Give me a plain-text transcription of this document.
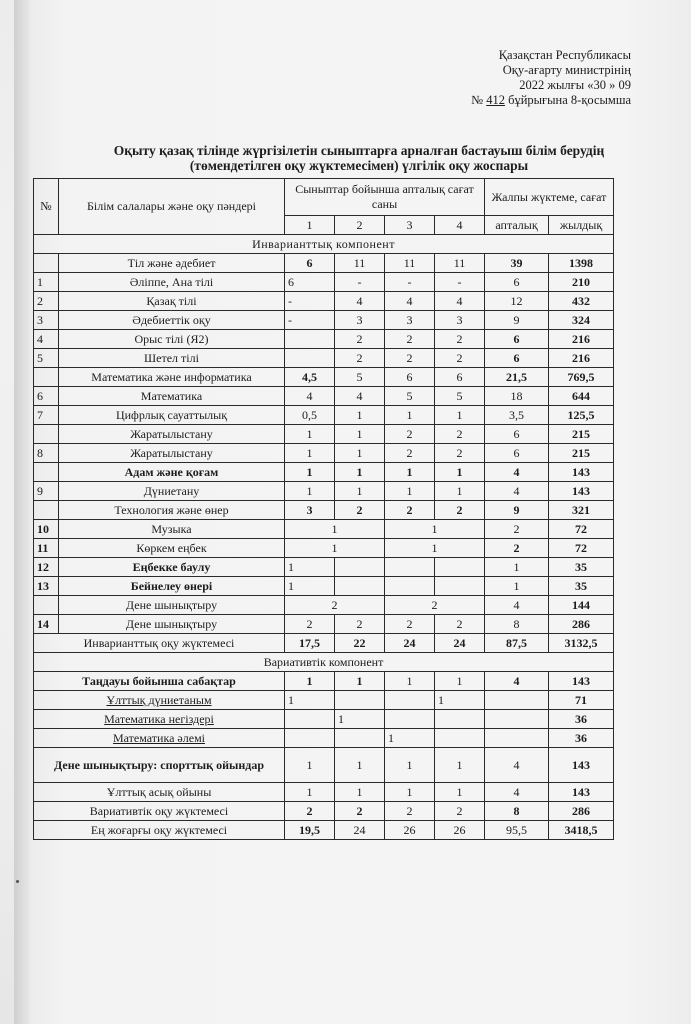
Қазақстан Республикасы
Оқу-ағарту министрінің
2022 жылғы «30 » 09
№ 412 бұйрығына 8-қосымша
Оқыту қазақ тілінде жүргізілетін сыныптарға арналған бастауыш білім берудің
(төмендетілген оқу жүктемесімен) үлгілік оқу жоспары
№	Білім салалары және оқу пәндері	Сыныптар бойынша апталық сағат саны				Жалпы жүктеме, сағат	
		1	2	3	4	апталық	жылдық
Инварианттық компонент							
	Тіл және әдебиет	6	11	11	11	39	1398
1	Әліппе, Ана тілі	6	-	-	-	6	210
2	Қазақ тілі	-	4	4	4	12	432
3	Әдебиеттік оқу	-	3	3	3	9	324
4	Орыс тілі (Я2)		2	2	2	6	216
5	Шетел тілі		2	2	2	6	216
	Математика және информатика	4,5	5	6	6	21,5	769,5
6	Математика	4	4	5	5	18	644
7	Цифрлық сауаттылық	0,5	1	1	1	3,5	125,5
	Жаратылыстану	1	1	2	2	6	215
8	Жаратылыстану	1	1	2	2	6	215
	Адам және қоғам	1	1	1	1	4	143
9	Дүниетану	1	1	1	1	4	143
	Технология және өнер	3	2	2	2	9	321
10	Музыка	1		1		2	72
11	Көркем еңбек	1		1		2	72
12	Еңбекке баулу	1				1	35
13	Бейнелеу өнері	1				1	35
	Дене шынықтыру	2		2		4	144
14	Дене шынықтыру	2	2	2	2	8	286
Инварианттық оқу жүктемесі		17,5	22	24	24	87,5	3132,5
Вариативтік компонент							
Таңдауы бойынша сабақтар		1	1	1	1	4	143
Ұлттық дүниетаным		1			1		71
Математика негіздері			1				36
Математика әлемі				1			36
Дене шынықтыру: спорттық ойындар		1	1	1	1	4	143
Ұлттық асық ойыны		1	1	1	1	4	143
Вариативтік оқу жүктемесі		2	2	2	2	8	286
Ең жоғарғы оқу жүктемесі		19,5	24	26	26	95,5	3418,5
